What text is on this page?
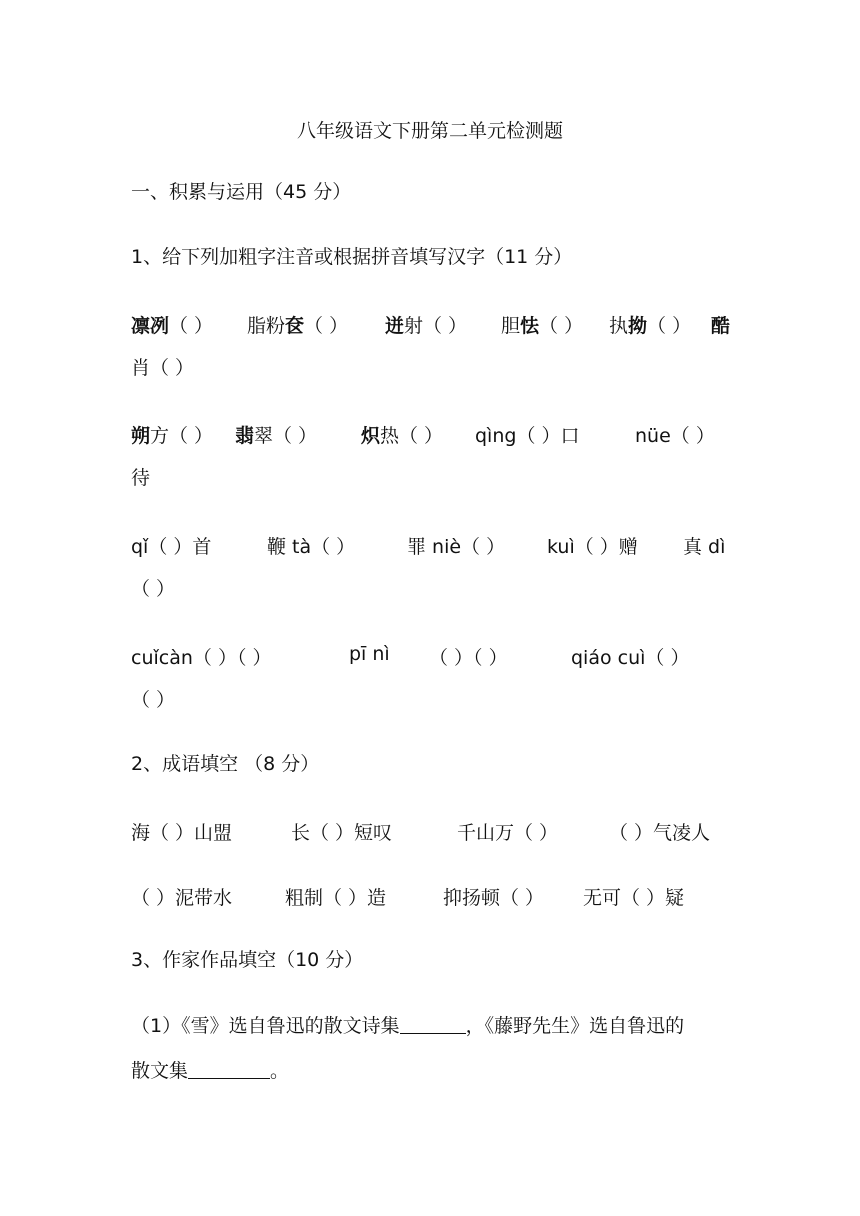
八年级语文下册第二单元检测题
一、积累与运用（45 分）
1、给下列加粗字注音或根据拼音填写汉字（11 分）
凛冽（ ） 脂粉奁（ ） 迸射（ ） 胆怯（ ） 执拗（ ） 酷
肖（ ）
朔方（ ） 翡翠（ ） 炽热（ ） qìng（ ）口	nüe（ ）
待
qǐ（ ）首	鞭 tà（ ）	罪 niè（ ） kuì（ ）赠 真 dì
（ ）
cuǐcàn（ ）（ ）	pī nì （ ）（ ）	qiáo cuì（ ）
（ ）
2、成语填空 （8 分）
海（ ）山盟	长（ ）短叹	千山万（ ）	（ ）气凌人
（ ）泥带水	粗制（ ）造	抑扬顿（ ） 无可（ ）疑
3、作家作品填空（10 分）
（1）《雪》选自鲁迅的散文诗集	，《藤野先生》选自鲁迅的
散文集	。
